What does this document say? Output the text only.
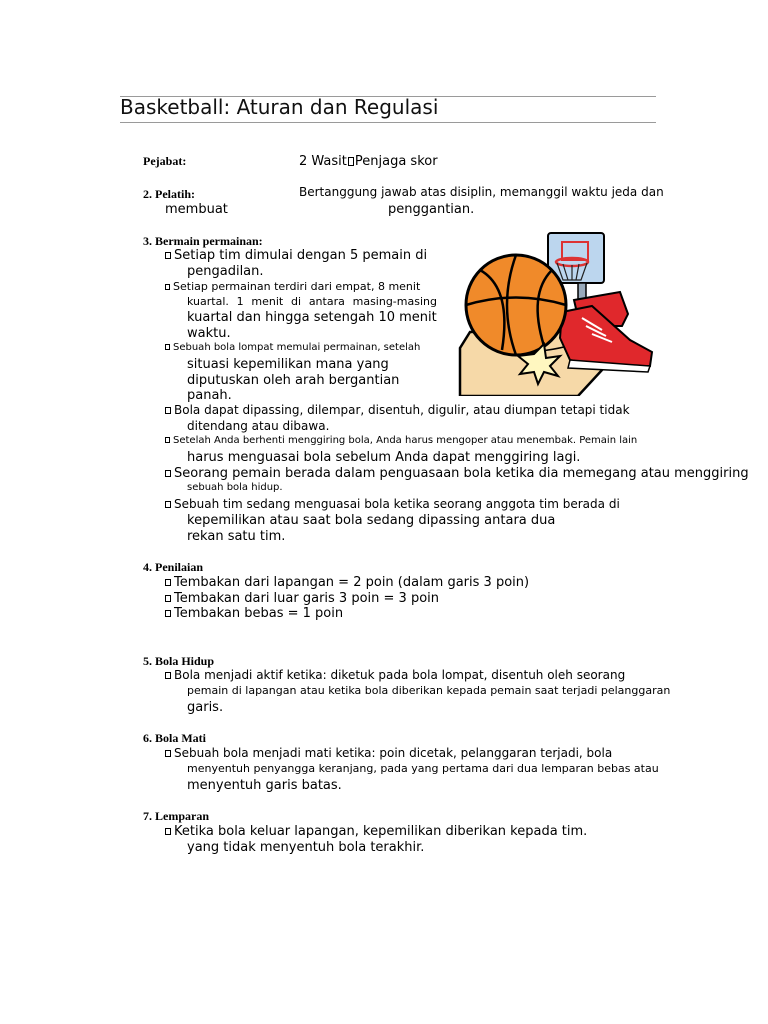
Basketball: Aturan dan Regulasi
Pejabat:	2 Wasit Penjaga skor
2. Pelatih:	Bertanggung jawab atas disiplin, memanggil waktu jeda dan
membuat	penggantian.
3. Bermain permainan:
Setiap tim dimulai dengan 5 pemain di
pengadilan.
Setiap permainan terdiri dari empat, 8 menit
kuartal. 1 menit di antara masing-masing
kuartal dan hingga setengah 10 menit
waktu.
Sebuah bola lompat memulai permainan, setelah
situasi kepemilikan mana yang
diputuskan oleh arah bergantian
panah.
Bola dapat dipassing, dilempar, disentuh, digulir, atau diumpan tetapi tidak
ditendang atau dibawa.
Setelah Anda berhenti menggiring bola, Anda harus mengoper atau menembak. Pemain lain
harus menguasai bola sebelum Anda dapat menggiring lagi.
Seorang pemain berada dalam penguasaan bola ketika dia memegang atau menggiring
sebuah bola hidup.
Sebuah tim sedang menguasai bola ketika seorang anggota tim berada di
kepemilikan atau saat bola sedang dipassing antara dua
rekan satu tim.
4. Penilaian
Tembakan dari lapangan = 2 poin (dalam garis 3 poin)
Tembakan dari luar garis 3 poin = 3 poin
Tembakan bebas = 1 poin
5. Bola Hidup
Bola menjadi aktif ketika: diketuk pada bola lompat, disentuh oleh seorang
pemain di lapangan atau ketika bola diberikan kepada pemain saat terjadi pelanggaran
garis.
6. Bola Mati
Sebuah bola menjadi mati ketika: poin dicetak, pelanggaran terjadi, bola
menyentuh penyangga keranjang, pada yang pertama dari dua lemparan bebas atau
menyentuh garis batas.
7. Lemparan
Ketika bola keluar lapangan, kepemilikan diberikan kepada tim.
yang tidak menyentuh bola terakhir.
